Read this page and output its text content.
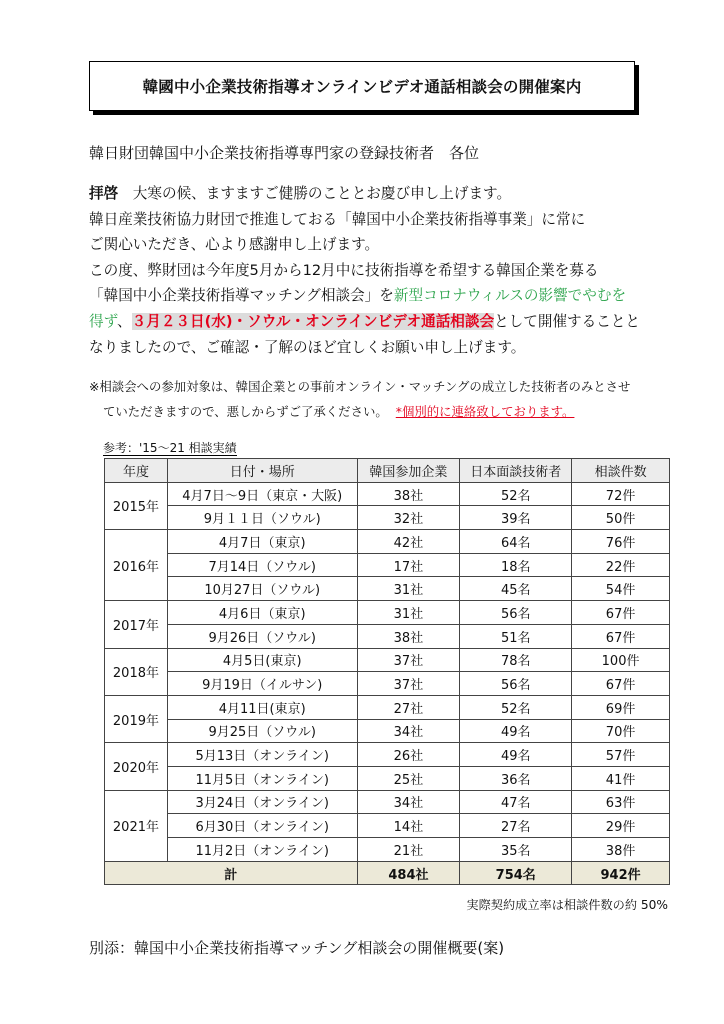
韓國中小企業技術指導オンラインビデオ通話相談会の開催案内
韓日財団韓国中小企業技術指導専門家の登録技術者　各位

拝啓　大寒の候、ますますご健勝のこととお慶び申し上げます。

韓日産業技術協力財団で推進しておる「韓国中小企業技術指導事業」に常に

ご関心いただき、心より感謝申し上げます。

この度、弊財団は今年度5月から12月中に技術指導を希望する韓国企業を募る

「韓国中小企業技術指導マッチング相談会」を新型コロナウィルスの影響でやむを

得ず、３月２３日(水)・ソウル・オンラインビデオ通話相談会として開催することと

なりましたので、ご確認・了解のほど宜しくお願い申し上げます。

※相談会への参加対象は、韓国企業との事前オンライン・マッチングの成立した技術者のみとさせ

ていただきますので、悪しからずご了承ください。 *個別的に連絡致しております。

参考：'15～21 相談実績
年度	日付・場所	韓国参加企業	日本面談技術者	相談件数
2015年	4月7日～9日（東京・大阪)	38社	52名	72件
	9月１１日（ソウル)	32社	39名	50件
2016年	4月7日（東京)	42社	64名	76件
	7月14日（ソウル)	17社	18名	22件
	10月27日（ソウル)	31社	45名	54件
2017年	4月6日（東京)	31社	56名	67件
	9月26日（ソウル)	38社	51名	67件
2018年	4月5日(東京)	37社	78名	100件
	9月19日（イルサン)	37社	56名	67件
2019年	4月11日(東京)	27社	52名	69件
	9月25日（ソウル)	34社	49名	70件
2020年	5月13日（オンライン)	26社	49名	57件
	11月5日（オンライン)	25社	36名	41件
2021年	3月24日（オンライン)	34社	47名	63件
	6月30日（オンライン)	14社	27名	29件
	11月2日（オンライン)	21社	35名	38件
計		484社	754名	942件
実際契約成立率は相談件数の約 50%
別添：韓国中小企業技術指導マッチング相談会の開催概要(案)
